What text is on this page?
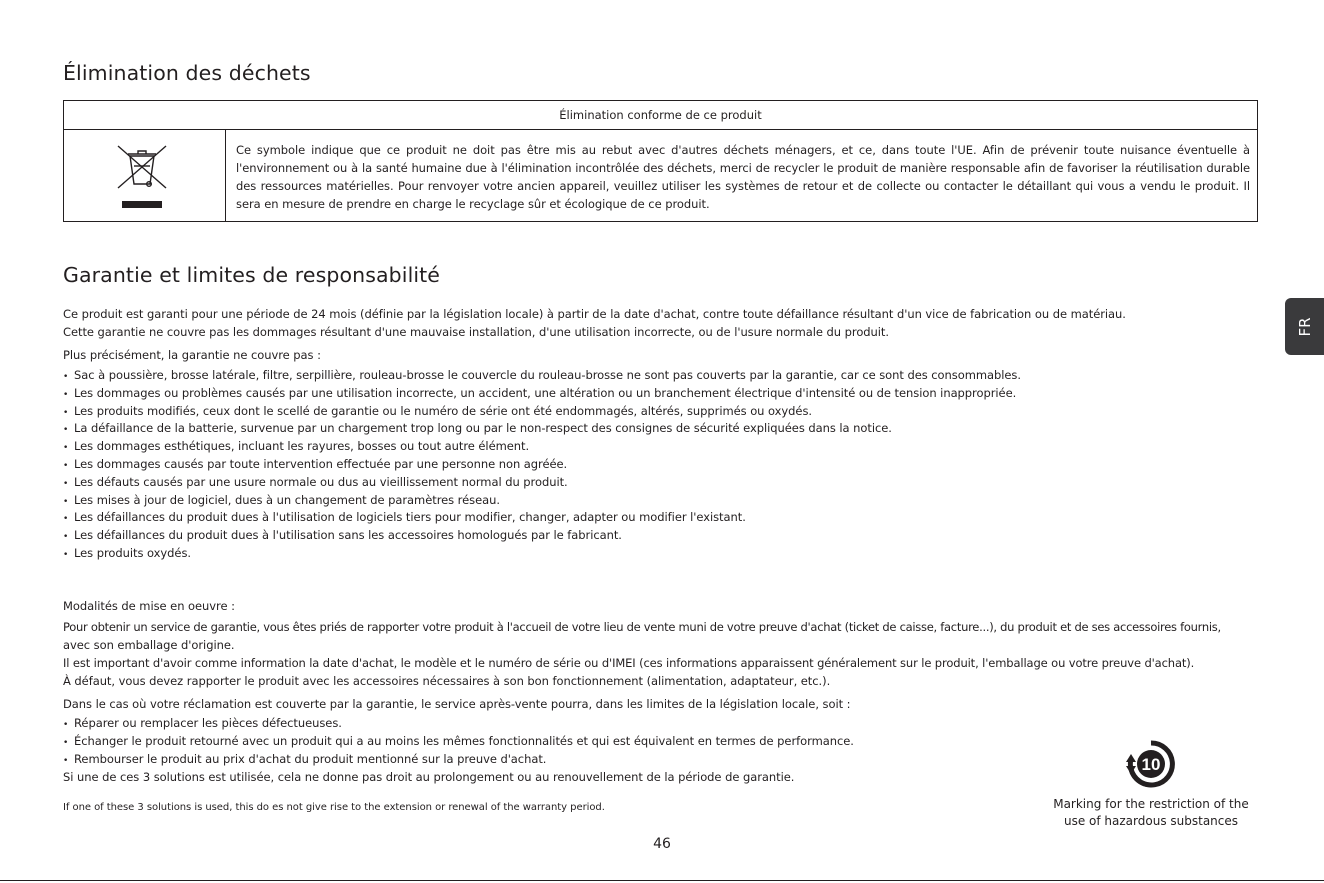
Élimination des déchets
Élimination conforme de ce produit
Ce symbole indique que ce produit ne doit pas être mis au rebut avec d'autres déchets ménagers, et ce, dans toute l'UE. Afin de prévenir toute nuisance éventuelle à l'environnement ou à la santé humaine due à l'élimination incontrôlée des déchets, merci de recycler le produit de manière responsable afin de favoriser la réutilisation durable des ressources matérielles. Pour renvoyer votre ancien appareil, veuillez utiliser les systèmes de retour et de collecte ou contacter le détaillant qui vous a vendu le produit. Il sera en mesure de prendre en charge le recyclage sûr et écologique de ce produit.
Garantie et limites de responsabilité
Ce produit est garanti pour une période de 24 mois (définie par la législation locale) à partir de la date d'achat, contre toute défaillance résultant d'un vice de fabrication ou de matériau.
Cette garantie ne couvre pas les dommages résultant d'une mauvaise installation, d'une utilisation incorrecte, ou de l'usure normale du produit.
Plus précisément, la garantie ne couvre pas :
• Sac à poussière, brosse latérale, filtre, serpillière, rouleau-brosse le couvercle du rouleau-brosse ne sont pas couverts par la garantie, car ce sont des consommables.
• Les dommages ou problèmes causés par une utilisation incorrecte, un accident, une altération ou un branchement électrique d'intensité ou de tension inappropriée.
• Les produits modifiés, ceux dont le scellé de garantie ou le numéro de série ont été endommagés, altérés, supprimés ou oxydés.
• La défaillance de la batterie, survenue par un chargement trop long ou par le non-respect des consignes de sécurité expliquées dans la notice.
• Les dommages esthétiques, incluant les rayures, bosses ou tout autre élément.
• Les dommages causés par toute intervention effectuée par une personne non agréée.
• Les défauts causés par une usure normale ou dus au vieillissement normal du produit.
• Les mises à jour de logiciel, dues à un changement de paramètres réseau.
• Les défaillances du produit dues à l'utilisation de logiciels tiers pour modifier, changer, adapter ou modifier l'existant.
• Les défaillances du produit dues à l'utilisation sans les accessoires homologués par le fabricant.
• Les produits oxydés.
Modalités de mise en oeuvre :
Pour obtenir un service de garantie, vous êtes priés de rapporter votre produit à l'accueil de votre lieu de vente muni de votre preuve d'achat (ticket de caisse, facture...), du produit et de ses accessoires fournis,
avec son emballage d'origine.
Il est important d'avoir comme information la date d'achat, le modèle et le numéro de série ou d'IMEI (ces informations apparaissent généralement sur le produit, l'emballage ou votre preuve d'achat).
À défaut, vous devez rapporter le produit avec les accessoires nécessaires à son bon fonctionnement (alimentation, adaptateur, etc.).
Dans le cas où votre réclamation est couverte par la garantie, le service après-vente pourra, dans les limites de la législation locale, soit :
• Réparer ou remplacer les pièces défectueuses.
• Échanger le produit retourné avec un produit qui a au moins les mêmes fonctionnalités et qui est équivalent en termes de performance.
• Rembourser le produit au prix d'achat du produit mentionné sur la preuve d'achat.
Si une de ces 3 solutions est utilisée, cela ne donne pas droit au prolongement ou au renouvellement de la période de garantie.
If one of these 3 solutions is used, this do es not give rise to the extension or renewal of the warranty period.
FR
10
Marking for the restriction of the
use of hazardous substances
46
